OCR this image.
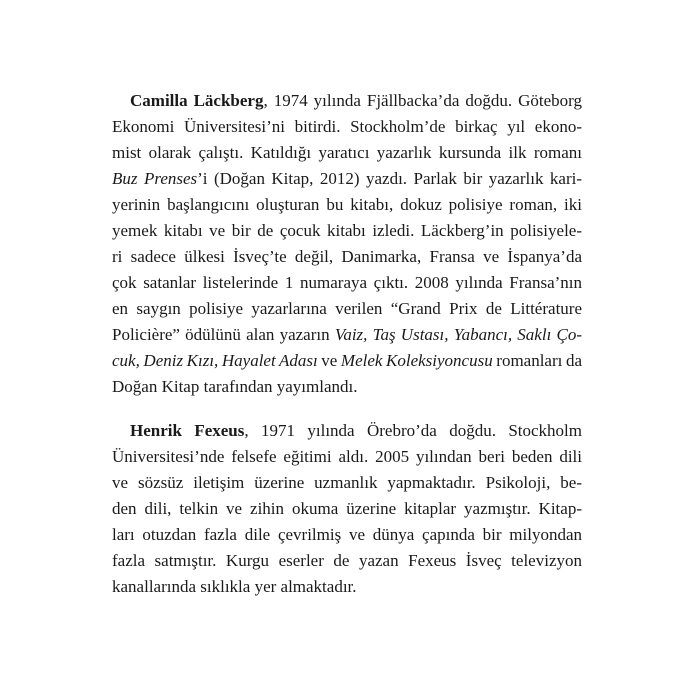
Camilla Läckberg, 1974 yılında Fjällbacka’da doğdu. Göteborg
Ekonomi Üniversitesi’ni bitirdi. Stockholm’de birkaç yıl ekono-
mist olarak çalıştı. Katıldığı yaratıcı yazarlık kursunda ilk romanı
Buz Prenses’i (Doğan Kitap, 2012) yazdı. Parlak bir yazarlık kari-
yerinin başlangıcını oluşturan bu kitabı, dokuz polisiye roman, iki
yemek kitabı ve bir de çocuk kitabı izledi. Läckberg’in polisiyele-
ri sadece ülkesi İsveç’te değil, Danimarka, Fransa ve İspanya’da
çok satanlar listelerinde 1 numaraya çıktı. 2008 yılında Fransa’nın
en saygın polisiye yazarlarına verilen “Grand Prix de Littérature
Policière” ödülünü alan yazarın Vaiz, Taş Ustası, Yabancı, Saklı Ço-
cuk, Deniz Kızı, Hayalet Adası ve Melek Koleksiyoncusu romanları da
Doğan Kitap tarafından yayımlandı.
Henrik Fexeus, 1971 yılında Örebro’da doğdu. Stockholm
Üniversitesi’nde felsefe eğitimi aldı. 2005 yılından beri beden dili
ve sözsüz iletişim üzerine uzmanlık yapmaktadır. Psikoloji, be-
den dili, telkin ve zihin okuma üzerine kitaplar yazmıştır. Kitap-
ları otuzdan fazla dile çevrilmiş ve dünya çapında bir milyondan
fazla satmıştır. Kurgu eserler de yazan Fexeus İsveç televizyon
kanallarında sıklıkla yer almaktadır.
